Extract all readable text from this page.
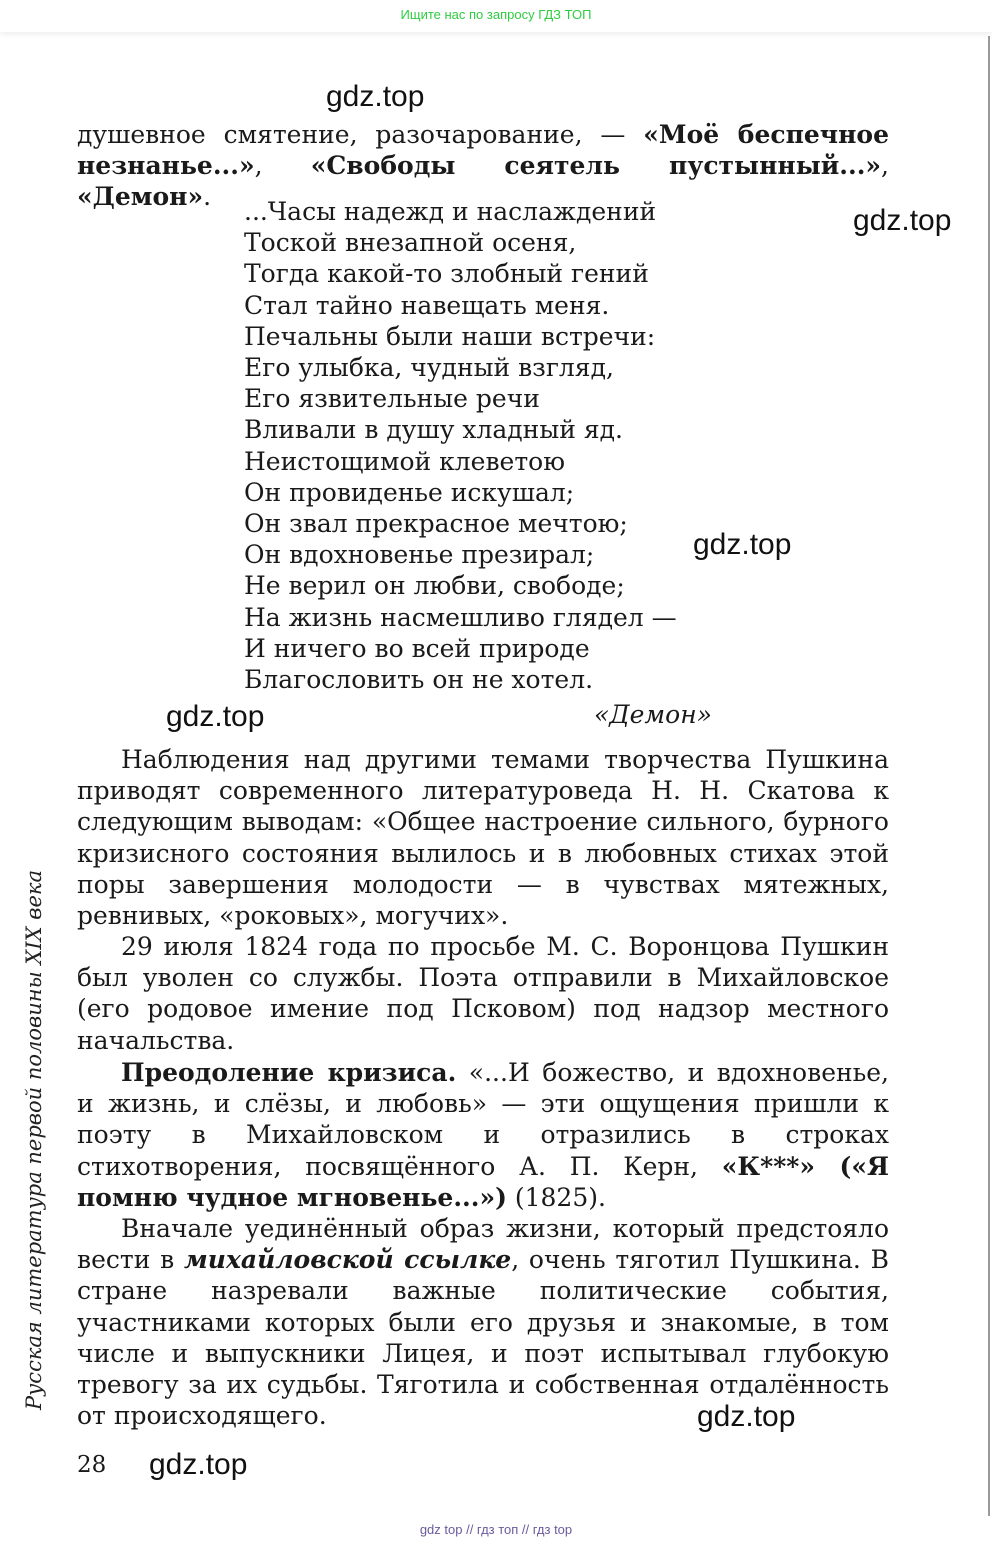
Ищите нас по запросу ГДЗ ТОП
gdz.top
gdz.top
gdz.top
gdz.top
gdz.top
gdz.top

душевное смятение, разочарование, — «Моё беспечное незнанье...», «Свободы сеятель пустынный...», «Демон».

...Часы надежд и наслаждений
Тоской внезапной осеня,
Тогда какой-то злобный гений
Стал тайно навещать меня.
Печальны были наши встречи:
Его улыбка, чудный взгляд,
Его язвительные речи
Вливали в душу хладный яд.
Неистощимой клеветою
Он провиденье искушал;
Он звал прекрасное мечтою;
Он вдохновенье презирал;
Не верил он любви, свободе;
На жизнь насмешливо глядел —
И ничего во всей природе
Благословить он не хотел.
«Демон»

Наблюдения над другими темами творчества Пушкина приводят современного литературоведа Н. Н. Скатова к следующим выводам: «Общее настроение сильного, бурного кризисного состояния вылилось и в любовных стихах этой поры завершения молодости — в чувствах мятежных, ревнивых, «роковых», могучих».

29 июля 1824 года по просьбе М. С. Воронцова Пушкин был уволен со службы. Поэта отправили в Михайловское (его родовое имение под Псковом) под надзор местного начальства.

Преодоление кризиса. «...И божество, и вдохновенье, и жизнь, и слёзы, и любовь» — эти ощущения пришли к поэту в Михайловском и отразились в строках стихотворения, посвящённого А. П. Керн, «К***» («Я помню чудное мгновенье...») (1825).

Вначале уединённый образ жизни, который предстояло вести в михайловской ссылке, очень тяготил Пушкина. В стране назревали важные политические события, участниками которых были его друзья и знакомые, в том числе и выпускники Лицея, и поэт испытывал глубокую тревогу за их судьбы. Тяготила и собственная отдалённость от происходящего.

Русская литература первой половины XIX века
28
gdz top // гдз топ // гдз top
